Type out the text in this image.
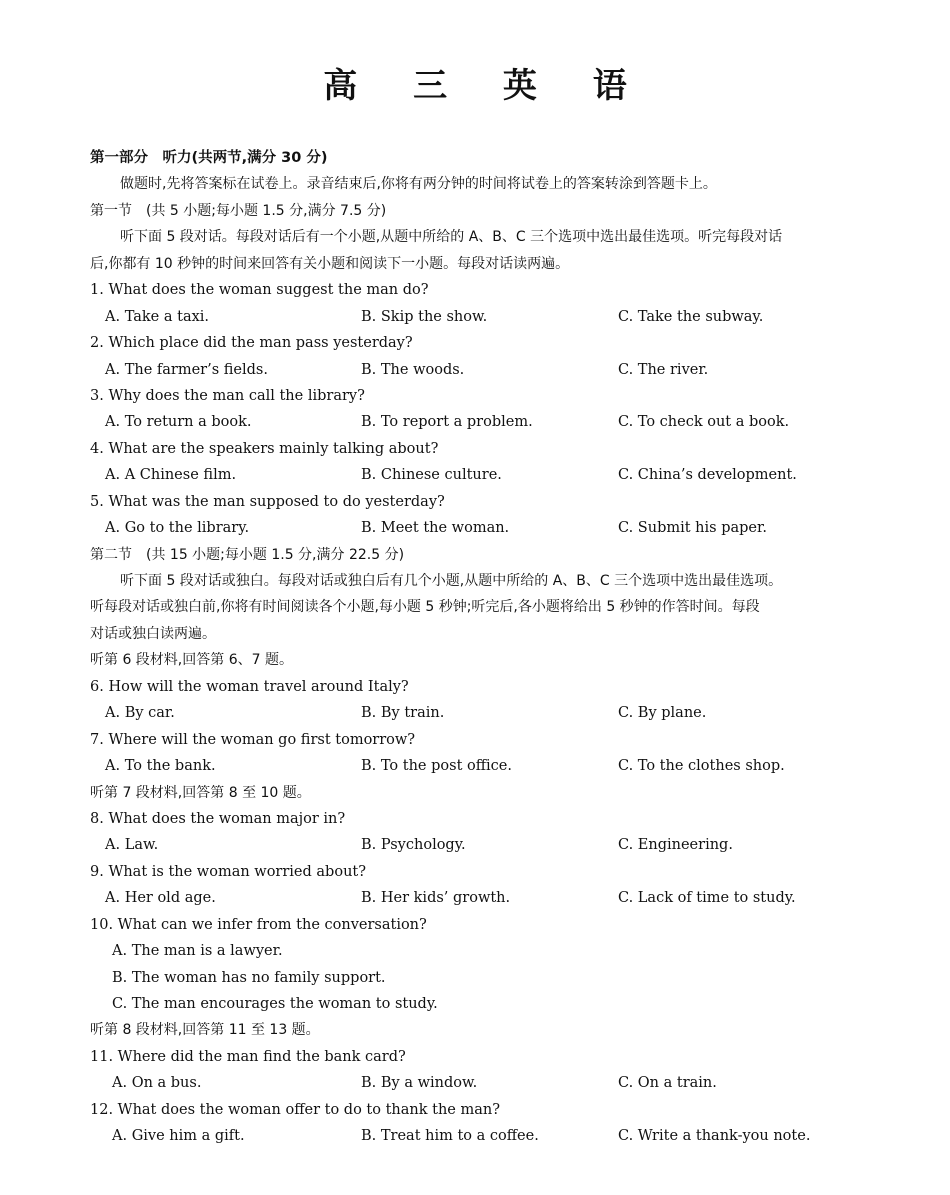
高 三 英 语
第一部分　听力(共两节,满分 30 分)
做题时,先将答案标在试卷上。录音结束后,你将有两分钟的时间将试卷上的答案转涂到答题卡上。
第一节　(共 5 小题;每小题 1.5 分,满分 7.5 分)
听下面 5 段对话。每段对话后有一个小题,从题中所给的 A、B、C 三个选项中选出最佳选项。听完每段对话
后,你都有 10 秒钟的时间来回答有关小题和阅读下一小题。每段对话读两遍。
1. What does the woman suggest the man do?
A. Take a taxi.	B. Skip the show.	C. Take the subway.
2. Which place did the man pass yesterday?
A. The farmer’s fields.	B. The woods.	C. The river.
3. Why does the man call the library?
A. To return a book.	B. To report a problem.	C. To check out a book.
4. What are the speakers mainly talking about?
A. A Chinese film.	B. Chinese culture.	C. China’s development.
5. What was the man supposed to do yesterday?
A. Go to the library.	B. Meet the woman.	C. Submit his paper.
第二节　(共 15 小题;每小题 1.5 分,满分 22.5 分)
听下面 5 段对话或独白。每段对话或独白后有几个小题,从题中所给的 A、B、C 三个选项中选出最佳选项。
听每段对话或独白前,你将有时间阅读各个小题,每小题 5 秒钟;听完后,各小题将给出 5 秒钟的作答时间。每段
对话或独白读两遍。
听第 6 段材料,回答第 6、7 题。
6. How will the woman travel around Italy?
A. By car.	B. By train.	C. By plane.
7. Where will the woman go first tomorrow?
A. To the bank.	B. To the post office.	C. To the clothes shop.
听第 7 段材料,回答第 8 至 10 题。
8. What does the woman major in?
A. Law.	B. Psychology.	C. Engineering.
9. What is the woman worried about?
A. Her old age.	B. Her kids’ growth.	C. Lack of time to study.
10. What can we infer from the conversation?
A. The man is a lawyer.
B. The woman has no family support.
C. The man encourages the woman to study.
听第 8 段材料,回答第 11 至 13 题。
11. Where did the man find the bank card?
A. On a bus.	B. By a window.	C. On a train.
12. What does the woman offer to do to thank the man?
A. Give him a gift.	B. Treat him to a coffee.	C. Write a thank-you note.
